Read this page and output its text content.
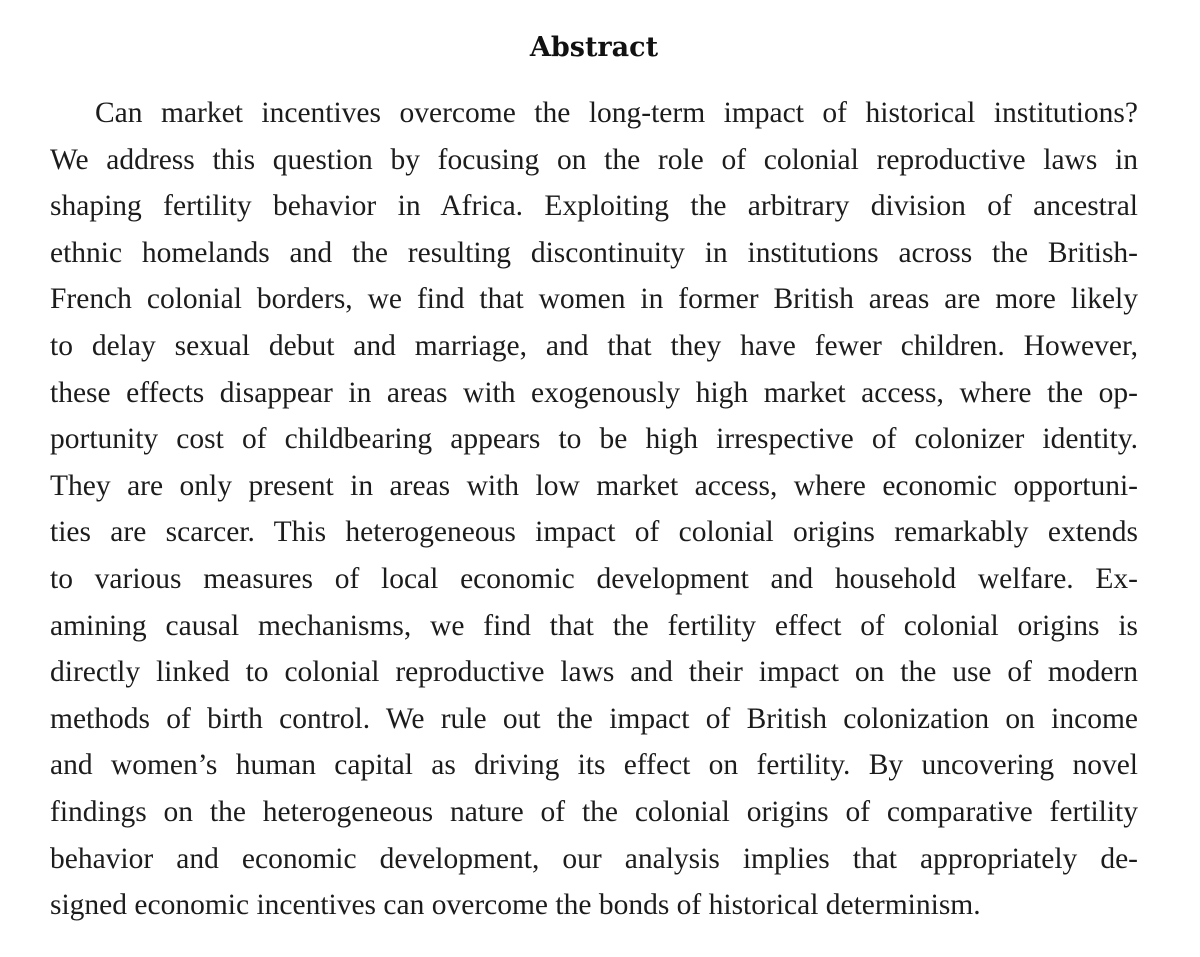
Abstract
Can market incentives overcome the long-term impact of historical institutions?
We address this question by focusing on the role of colonial reproductive laws in
shaping fertility behavior in Africa. Exploiting the arbitrary division of ancestral
ethnic homelands and the resulting discontinuity in institutions across the British-
French colonial borders, we find that women in former British areas are more likely
to delay sexual debut and marriage, and that they have fewer children. However,
these effects disappear in areas with exogenously high market access, where the op-
portunity cost of childbearing appears to be high irrespective of colonizer identity.
They are only present in areas with low market access, where economic opportuni-
ties are scarcer. This heterogeneous impact of colonial origins remarkably extends
to various measures of local economic development and household welfare. Ex-
amining causal mechanisms, we find that the fertility effect of colonial origins is
directly linked to colonial reproductive laws and their impact on the use of modern
methods of birth control. We rule out the impact of British colonization on income
and women’s human capital as driving its effect on fertility. By uncovering novel
findings on the heterogeneous nature of the colonial origins of comparative fertility
behavior and economic development, our analysis implies that appropriately de-
signed economic incentives can overcome the bonds of historical determinism.
